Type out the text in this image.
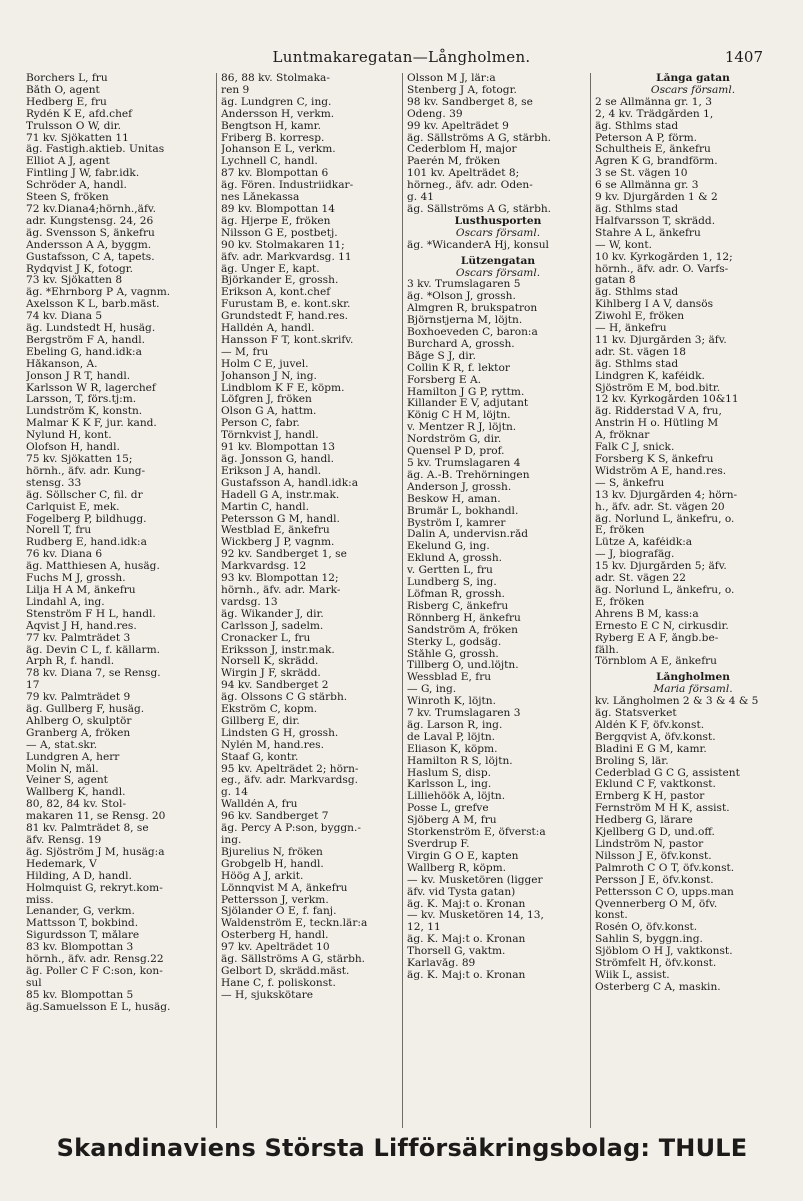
Luntmakaregatan—Långholmen.	1407
Borchers L, fru
Båth O, agent
Hedberg E, fru
Rydén K E, afd.chef
Trulsson O W, dir.
71 kv. Sjökatten 11
äg. Fastigh.aktieb. Unitas
Elliot A J, agent
Fintling J W, fabr.idk.
Schröder A, handl.
Steen S, fröken
72 kv.Diana4;hörnh.,äfv.
adr. Kungstensg. 24, 26
äg. Svensson S, änkefru
Andersson A A, byggm.
Gustafsson, C A, tapets.
Rydqvist J K, fotogr.
73 kv. Sjökatten 8
äg. *Ehrnborg P A, vagnm.
Axelsson K L, barb.mäst.
74 kv. Diana 5
äg. Lundstedt H, husäg.
Bergström F A, handl.
Ebeling G, hand.idk:a
Håkanson, A.
Jonson J R T, handl.
Karlsson W R, lagerchef
Larsson, T, förs.tj:m.
Lundström K, konstn.
Malmar K K F, jur. kand.
Nylund H, kont.
Olofson H, handl.
75 kv. Sjökatten 15;
hörnh., äfv. adr. Kung-
stensg. 33
äg. Söllscher C, fil. dr
Carlquist E, mek.
Fogelberg P, bildhugg.
Norell T, fru
Rudberg E, hand.idk:a
76 kv. Diana 6
äg. Matthiesen A, husäg.
Fuchs M J, grossh.
Lilja H A M, änkefru
Lindahl A, ing.
Stenström F H L, handl.
Åqvist J H, hand.res.
77 kv. Palmträdet 3
äg. Devin C L, f. källarm.
Arph R, f. handl.
78 kv. Diana 7, se Rensg.
17
79 kv. Palmträdet 9
äg. Gullberg F, husäg.
Ahlberg O, skulptör
Granberg A, fröken
— A, stat.skr.
Lundgren A, herr
Molin N, mål.
Veiner S, agent
Wallberg K, handl.
80, 82, 84 kv. Stol-
makaren 11, se Rensg. 20
81 kv. Palmträdet 8, se
äfv. Rensg. 19
äg. Sjöström J M, husäg:a
Hedemark, V
Hilding, A D, handl.
Holmquist G, rekryt.kom-
miss.
Lenander, G, verkm.
Mattsson T, bokbind.
Sigurdsson T, målare
83 kv. Blompottan 3
hörnh., äfv. adr. Rensg.22
äg. Poller C F C:son, kon-
sul
85 kv. Blompottan 5
äg.Samuelsson E L, husäg.
86, 88 kv. Stolmaka-
ren 9
äg. Lundgren C, ing.
Andersson H, verkm.
Bengtson H, kamr.
Friberg B. korresp.
Johanson E L, verkm.
Lychnell C, handl.
87 kv. Blompottan 6
äg. Fören. Industriidkar-
nes Lånekassa
89 kv. Blompottan 14
äg. Hjerpe E, fröken
Nilsson G E, postbetj.
90 kv. Stolmakaren 11;
äfv. adr. Markvardsg. 11
äg. Unger E, kapt.
Björkander E, grossh.
Erikson A, kont.chef
Furustam B, e. kont.skr.
Grundstedt F, hand.res.
Halldén A, handl.
Hansson F T, kont.skrifv.
— M, fru
Holm C E, juvel.
Johanson J N, ing.
Lindblom K F E, köpm.
Löfgren J, fröken
Olson G A, hattm.
Person C, fabr.
Törnkvist J, handl.
91 kv. Blompottan 13
äg. Jonsson G, handl.
Erikson J A, handl.
Gustafsson A, handl.idk:a
Hadell G A, instr.mak.
Martin C, handl.
Petersson G M, handl.
Westblad E, änkefru
Wickberg J P, vagnm.
92 kv. Sandberget 1, se
Markvardsg. 12
93 kv. Blompottan 12;
hörnh., äfv. adr. Mark-
vardsg. 13
äg. Wikander J, dir.
Carlsson J, sadelm.
Cronacker L, fru
Eriksson J, instr.mak.
Norsell K, skrädd.
Wirgin J F, skrädd.
94 kv. Sandberget 2
äg. Olssons C G stärbh.
Ekström C, kopm.
Gillberg E, dir.
Lindsten G H, grossh.
Nylén M, hand.res.
Staaf G, kontr.
95 kv. Apelträdet 2; hörn-
eg., äfv. adr. Markvardsg.
g. 14
Walldén A, fru
96 kv. Sandberget 7
äg. Percy A P:son, byggn.-
ing.
Bjurelius N, fröken
Grobgelb H, handl.
Höög A J, arkit.
Lönnqvist M A, änkefru
Pettersson J, verkm.
Sjölander O E, f. fanj.
Waldenström E, teckn.lär:a
Österberg H, handl.
97 kv. Apelträdet 10
äg. Sällströms A G, stärbh.
Gelbort D, skrädd.mäst.
Hane C, f. poliskonst.
— H, sjukskötare
Olsson M J, lär:a
Stenberg J A, fotogr.
98 kv. Sandberget 8, se
Odeng. 39
99 kv. Apelträdet 9
äg. Sällströms A G, stärbh.
Cederblom H, major
Paerén M, fröken
101 kv. Apelträdet 8;
hörneg., äfv. adr. Oden-
g. 41
äg. Sällströms A G, stärbh.
Lusthusporten
Oscars församl.
äg. *WicanderA Hj, konsul
Lützengatan
Oscars församl.
3 kv. Trumslagaren 5
äg. *Olson J, grossh.
Almgren R, brukspatron
Björnstjerna M, löjtn.
Boxhoeveden C, baron:a
Burchard A, grossh.
Båge S J, dir.
Collin K R, f. lektor
Forsberg E A.
Hamilton J G P, ryttm.
Killander E V, adjutant
König C H M, löjtn.
v. Mentzer R J, löjtn.
Nordström G, dir.
Quensel P D, prof.
5 kv. Trumslagaren 4
äg. A.-B. Trehörningen
Anderson J, grossh.
Beskow H, aman.
Brumär L, bokhandl.
Byström I, kamrer
Dalin A, undervisn.råd
Ekelund G, ing.
Eklund A, grossh.
v. Gertten L, fru
Lundberg S, ing.
Löfman R, grossh.
Risberg C, änkefru
Rönnberg H, änkefru
Sandström A, fröken
Sterky L, godsäg.
Ståhle G, grossh.
Tillberg O, und.löjtn.
Wessblad E, fru
— G, ing.
Winroth K, löjtn.
7 kv. Trumslagaren 3
äg. Larson R, ing.
de Laval P, löjtn.
Eliason K, köpm.
Hamilton R S, löjtn.
Haslum S, disp.
Karlsson L, ing.
Lilliehöök A, löjtn.
Posse L, grefve
Sjöberg A M, fru
Storkenström E, öfverst:a
Sverdrup F.
Virgin G O E, kapten
Wallberg R, köpm.
— kv. Musketören (ligger
äfv. vid Tysta gatan)
äg. K. Maj:t o. Kronan
— kv. Musketören 14, 13,
12, 11
äg. K. Maj:t o. Kronan
Thorsell G, vaktm.
Karlavåg. 89
äg. K. Maj:t o. Kronan
Långa gatan
Oscars församl.
2 se Allmänna gr. 1, 3
2, 4 kv. Trädgården 1,
äg. Sthlms stad
Peterson A P, förm.
Schultheis E, änkefru
Ågren K G, brandförm.
3 se St. vägen 10
6 se Allmänna gr. 3
9 kv. Djurgården 1 & 2
äg. Sthlms stad
Halfvarsson T, skrädd.
Stahre A L, änkefru
— W, kont.
10 kv. Kyrkogården 1, 12;
hörnh., äfv. adr. Ö. Varfs-
gatan 8
äg. Sthlms stad
Kihlberg I A V, dansös
Ziwohl E, fröken
— H, änkefru
11 kv. Djurgården 3; äfv.
adr. St. vägen 18
äg. Sthlms stad
Lindgren K, kaféidk.
Sjöström E M, bod.bitr.
12 kv. Kyrkogården 10&11
äg. Ridderstad V A, fru,
Anstrin H o. Hütling M
A, fröknar
Falk C J, snick.
Forsberg K S, änkefru
Widström A E, hand.res.
— S, änkefru
13 kv. Djurgården 4; hörn-
h., äfv. adr. St. vägen 20
äg. Norlund L, änkefru, o.
E, fröken
Lütze A, kaféidk:a
— J, biografäg.
15 kv. Djurgården 5; äfv.
adr. St. vägen 22
äg. Norlund L, änkefru, o.
E, fröken
Ahrens B M, kass:a
Ernesto E C N, cirkusdir.
Ryberg E A F, ångb.be-
fälh.
Törnblom A E, änkefru
Långholmen
Maria församl.
kv. Långholmen 2 & 3 & 4 & 5
äg. Statsverket
Aldén K F, öfv.konst.
Bergqvist A, öfv.konst.
Bladini E G M, kamr.
Broling S, lär.
Cederblad G C G, assistent
Eklund C F, vaktkonst.
Ernberg K H, pastor
Fernström M H K, assist.
Hedberg G, lärare
Kjellberg G D, und.off.
Lindström N, pastor
Nilsson J E, öfv.konst.
Palmroth C O T, öfv.konst.
Persson J E, öfv.konst.
Pettersson C O, upps.man
Qvennerberg O M, öfv.
konst.
Rosén O, öfv.konst.
Sahlin S, byggn.ing.
Sjöblom O H J, vaktkonst.
Strömfelt H, öfv.konst.
Wiik L, assist.
Österberg C A, maskin.
Skandinaviens Största Lifförsäkringsbolag: THULE
